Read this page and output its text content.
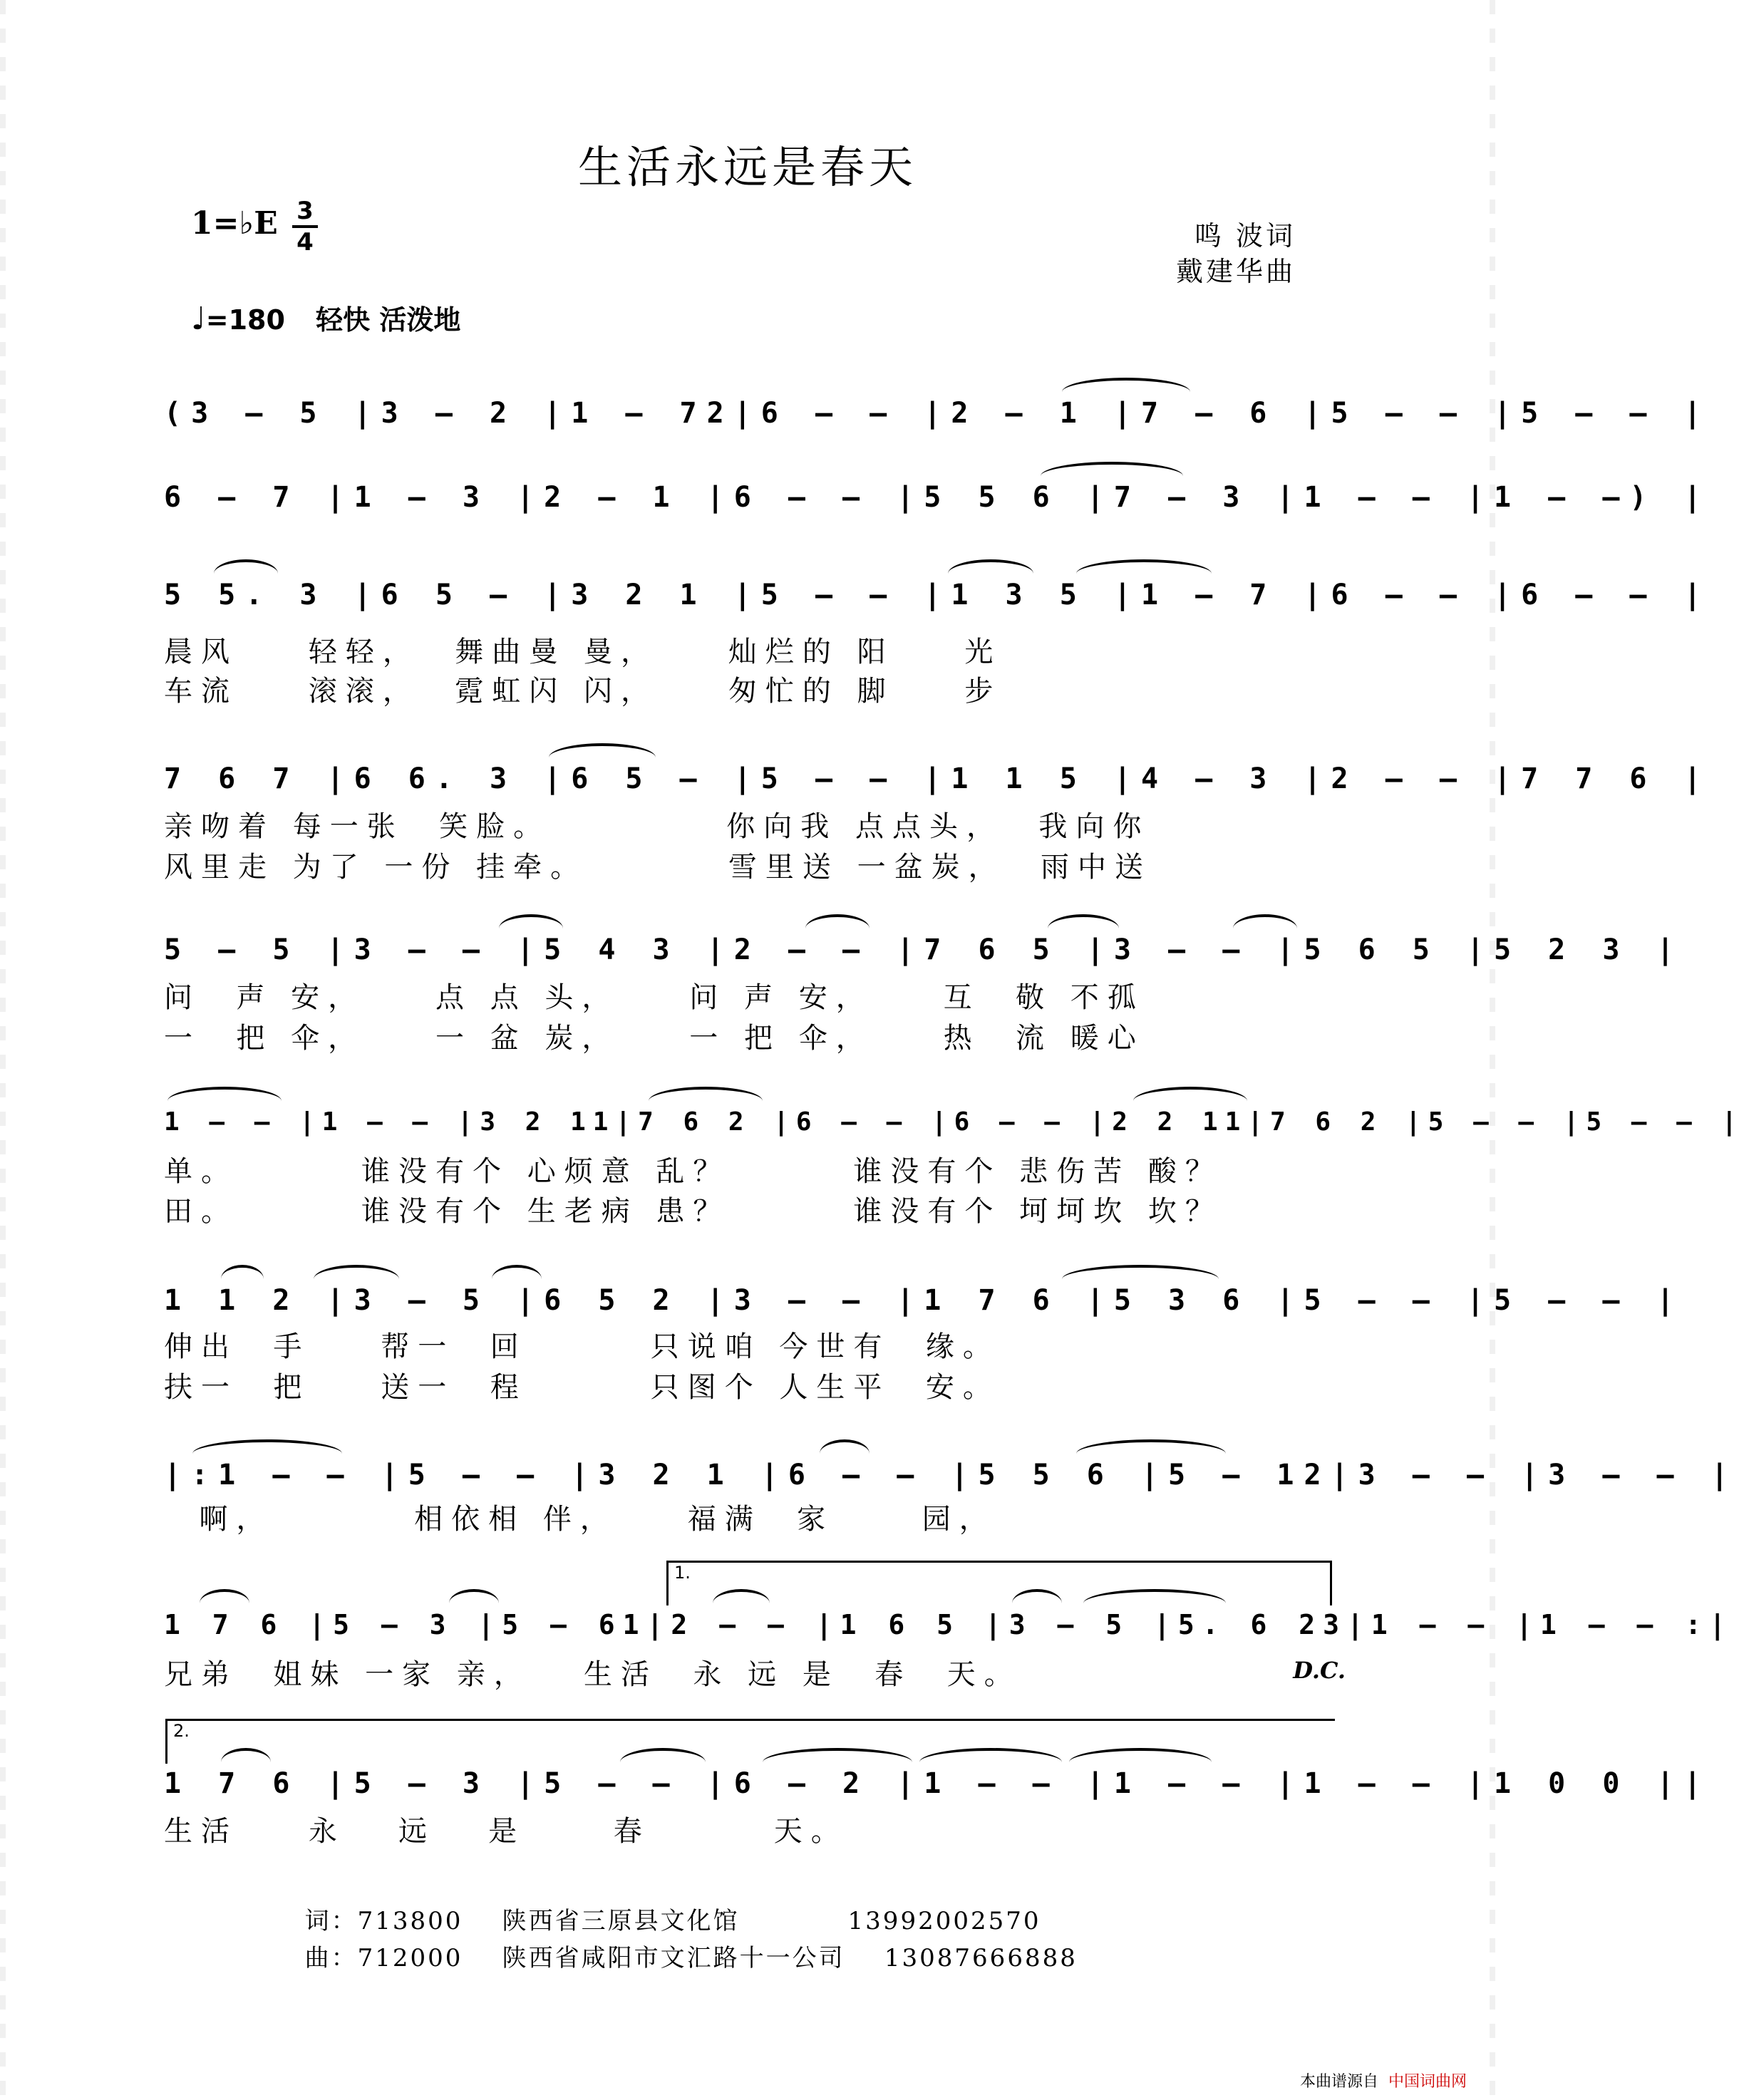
生活永远是春天
1=♭E 3
4	鸣 波词
戴建华曲
♩=180 轻快 活泼地
(3 – 5 |3 – 2 |1 – 72|6 – – |2 – 1 |7 – 6 |5 – – |5 – – |
6 – 7 |1 – 3 |2 – 1 |6 – – |5 5 6 |7 – 3 |1 – – |1 – –) |
5 5. 3 |6 5 – |3 2 1 |5 – – |1 3 5 |1 – 7 |6 – – |6 – – |
晨风    轻轻，  舞曲曼 曼，    灿烂的 阳    光
车流    滚滚，  霓虹闪 闪，    匆忙的 脚    步
7 6 7 |6 6. 3 |6 5 – |5 – – |1 1 5 |4 – 3 |2 – – |7 7 6 |
亲吻着 每一张  笑脸。          你向我 点点头，  我向你
风里走 为了 一份 挂牵。        雪里送 一盆炭，  雨中送
5 – 5 |3 – – |5 4 3 |2 – – |7 6 5 |3 – – |5 6 5 |5 2 3 |
问  声 安，    点 点 头，    问 声 安，    互  敬 不孤
一  把 伞，    一 盆 炭，    一 把 伞，    热  流 暖心
1 – – |1 – – |3 2 11|7 6 2 |6 – – |6 – – |2 2 11|7 6 2 |5 – – |5 – – |
单。       谁没有个 心烦意 乱？       谁没有个 悲伤苦 酸？
田。       谁没有个 生老病 患？       谁没有个 坷坷坎 坎？
1 1 2 |3 – 5 |6 5 2 |3 – – |1 7 6 |5 3 6 |5 – – |5 – – |
伸出  手    帮一  回       只说咱 今世有  缘。
扶一  把    送一  程       只图个 人生平  安。
|:1 – – |5 – – |3 2 1 |6 – – |5 5 6 |5 – 12|3 – – |3 – – |
啊，        相依相 伴，    福满  家     园，
1.
1 7 6 |5 – 3 |5 – 61|2 – – |1 6 5 |3 – 5 |5. 6 23|1 – – |1 – – :|
兄弟  姐妹 一家 亲，   生活  永 远 是  春  天。	D.C.
2.
1 7 6 |5 – 3 |5 – – |6 – 2 |1 – – |1 – – |1 – – |1 0 0 ||
生活    永   远   是     春       天。

词：713800 陕西省三原县文化馆	13992002570

曲：712000 陕西省咸阳市文汇路十一公司 13087666888

本曲谱源自 中国词曲网
